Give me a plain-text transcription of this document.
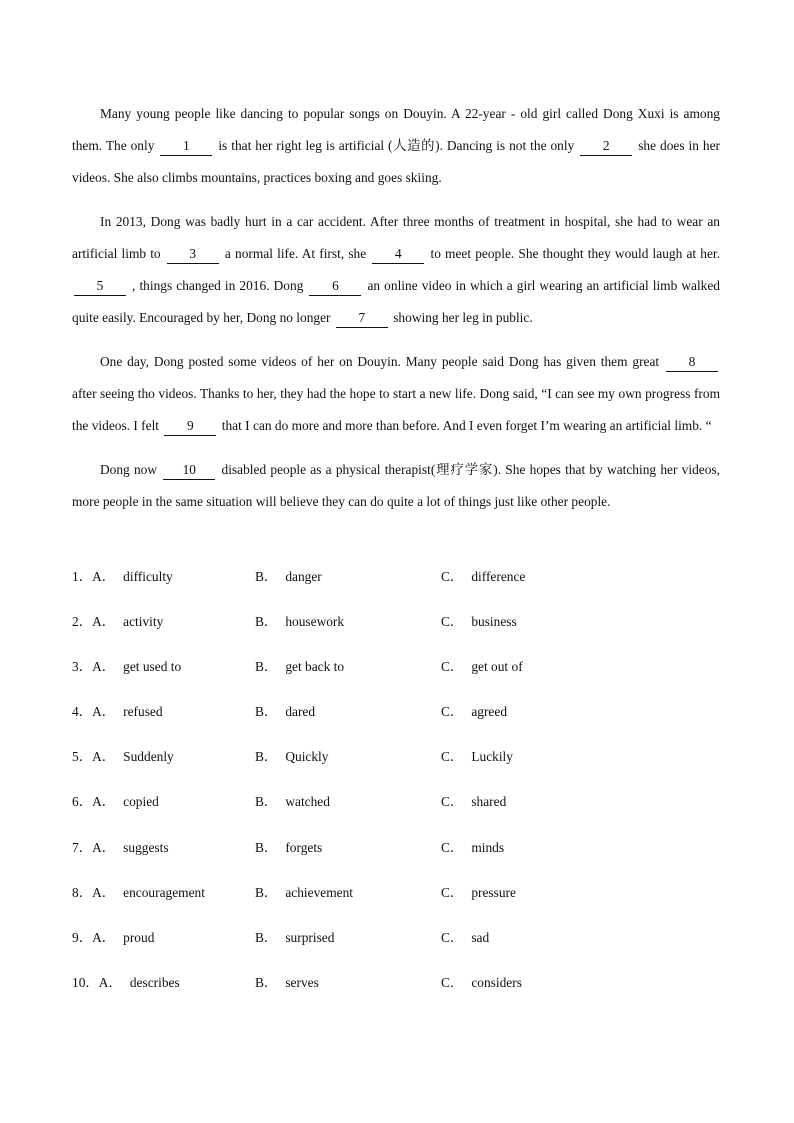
Many young people like dancing to popular songs on Douyin. A 22-year - old girl called Dong Xuxi is among them. The only 1 is that her right leg is artificial (人造的). Dancing is not the only 2 she does in her videos. She also climbs mountains, practices boxing and goes skiing.

In 2013, Dong was badly hurt in a car accident. After three months of treatment in hospital, she had to wear an artificial limb to 3 a normal life. At first, she 4 to meet people. She thought they would laugh at her. 5 , things changed in 2016. Dong 6 an online video in which a girl wearing an artificial limb walked quite easily. Encouraged by her, Dong no longer 7 showing her leg in public.

One day, Dong posted some videos of her on Douyin. Many people said Dong has given them great 8 after seeing tho videos. Thanks to her, they had the hope to start a new life. Dong said, “I can see my own progress from the videos. I felt 9 that I can do more and more than before. And I even forget I’m wearing an artificial limb. “

Dong now 10 disabled people as a physical therapist(理疗学家). She hopes that by watching her videos, more people in the same situation will believe they can do quite a lot of things just like other people.

1．A． difficulty	B． danger	C． difference
2．A． activity	B． housework	C． business
3．A． get used to	B． get back to	C． get out of
4．A． refused	B． dared	C． agreed
5．A． Suddenly	B． Quickly	C． Luckily
6．A． copied	B． watched	C． shared
7．A． suggests	B． forgets	C． minds
8．A． encouragement	B． achievement	C． pressure
9．A． proud	B． surprised	C． sad
10．A． describes	B． serves	C． considers
